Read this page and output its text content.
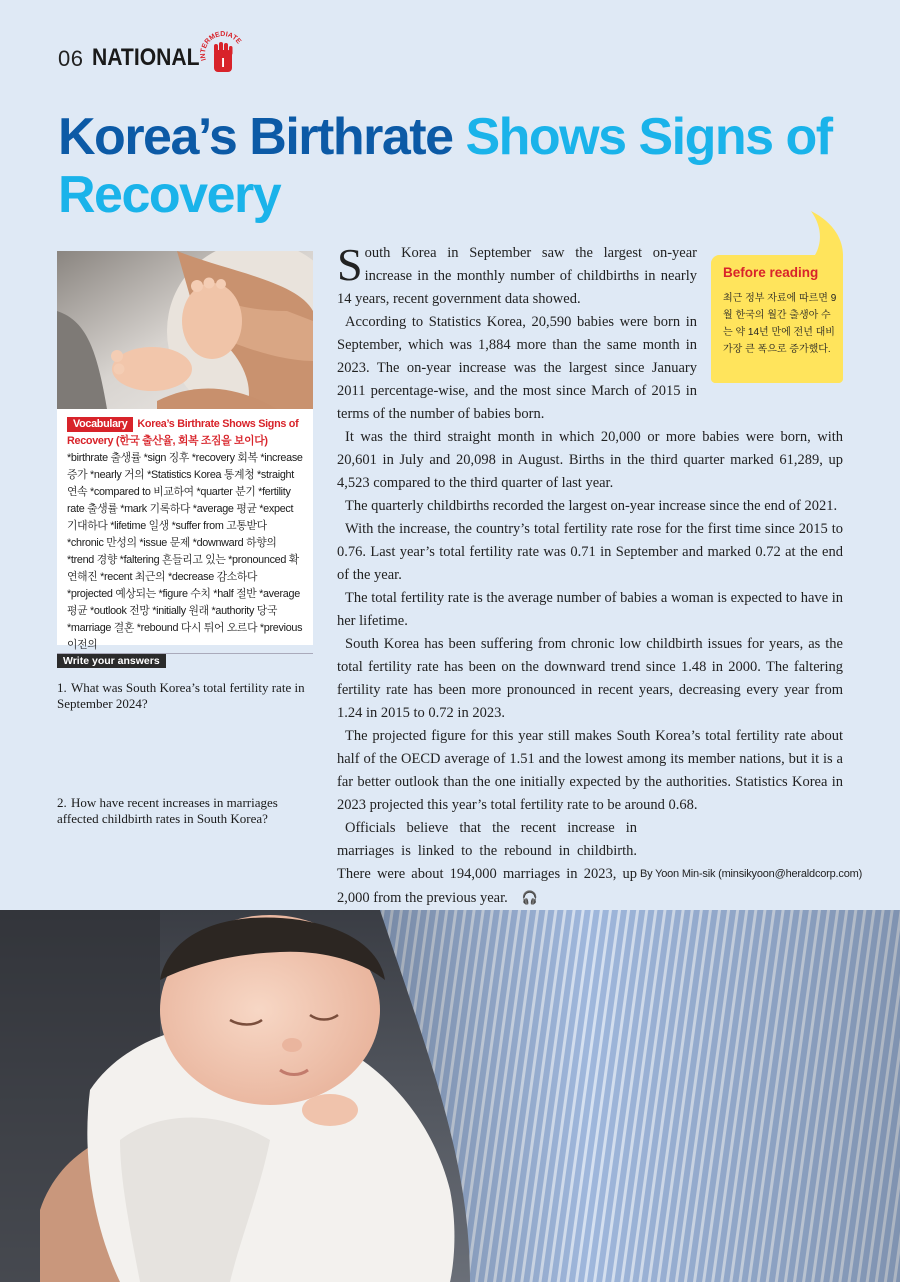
06 NATIONAL INTERMEDIATE
I
Korea’s Birthrate Shows Signs of Recovery
Vocabulary Korea’s Birthrate Shows Signs of Recovery (한국 출산율, 회복 조짐을 보이다) *birthrate 출생률 *sign 징후 *recovery 회복 *increase 증가 *nearly 거의 *Statistics Korea 통계청 *straight 연속 *compared to 비교하여 *quarter 분기 *fertility rate 출생률 *mark 기록하다 *average 평균 *expect 기대하다 *lifetime 일생 *suffer from 고통받다 *chronic 만성의 *issue 문제 *downward 하향의 *trend 경향 *faltering 흔들리고 있는 *pronounced 확연해진 *recent 최근의 *decrease 감소하다 *projected 예상되는 *figure 수치 *half 절반 *average 평균 *outlook 전망 *initially 원래 *authority 당국 *marriage 결혼 *rebound 다시 튀어 오르다 *previous 이전의
Write your answers
1. What was South Korea’s total fertility rate in September 2024?
2. How have recent increases in marriages affected childbirth rates in South Korea?
Before reading
최근 정부 자료에 따르면 9월 한국의 월간 출생아 수는 약 14년 만에 전년 대비 가장 큰 폭으로 증가했다.

South Korea in September saw the largest on-year increase in the monthly number of childbirths in nearly 14 years, recent government data showed.

According to Statistics Korea, 20,590 babies were born in September, which was 1,884 more than the same month in 2023. The on-year increase was the largest since January 2011 percentage-wise, and the most since March of 2015 in terms of the number of babies born.

It was the third straight month in which 20,000 or more babies were born, with 20,601 in July and 20,098 in August. Births in the third quarter marked 61,289, up 4,523 compared to the third quarter of last year.

The quarterly childbirths recorded the largest on-year increase since the end of 2021.

With the increase, the country’s total fertility rate rose for the first time since 2015 to 0.76. Last year’s total fertility rate was 0.71 in September and marked 0.72 at the end of the year.

The total fertility rate is the average number of babies a woman is expected to have in her lifetime.

South Korea has been suffering from chronic low childbirth issues for years, as the total fertility rate has been on the downward trend since 1.48 in 2000. The faltering fertility rate has been more pronounced in recent years, decreasing every year from 1.24 in 2015 to 0.72 in 2023.

The projected figure for this year still makes South Korea’s total fertility rate about half of the OECD average of 1.51 and the lowest among its member nations, but it is a far better outlook than the one initially expected by the authorities. Statistics Korea in 2023 projected this year’s total fertility rate to be around 0.68.

Officials believe that the recent increase in marriages is linked to the rebound in childbirth. There were about 194,000 marriages in 2023, up 2,000 from the previous year. 🎧

By Yoon Min-sik (minsikyoon@heraldcorp.com)
